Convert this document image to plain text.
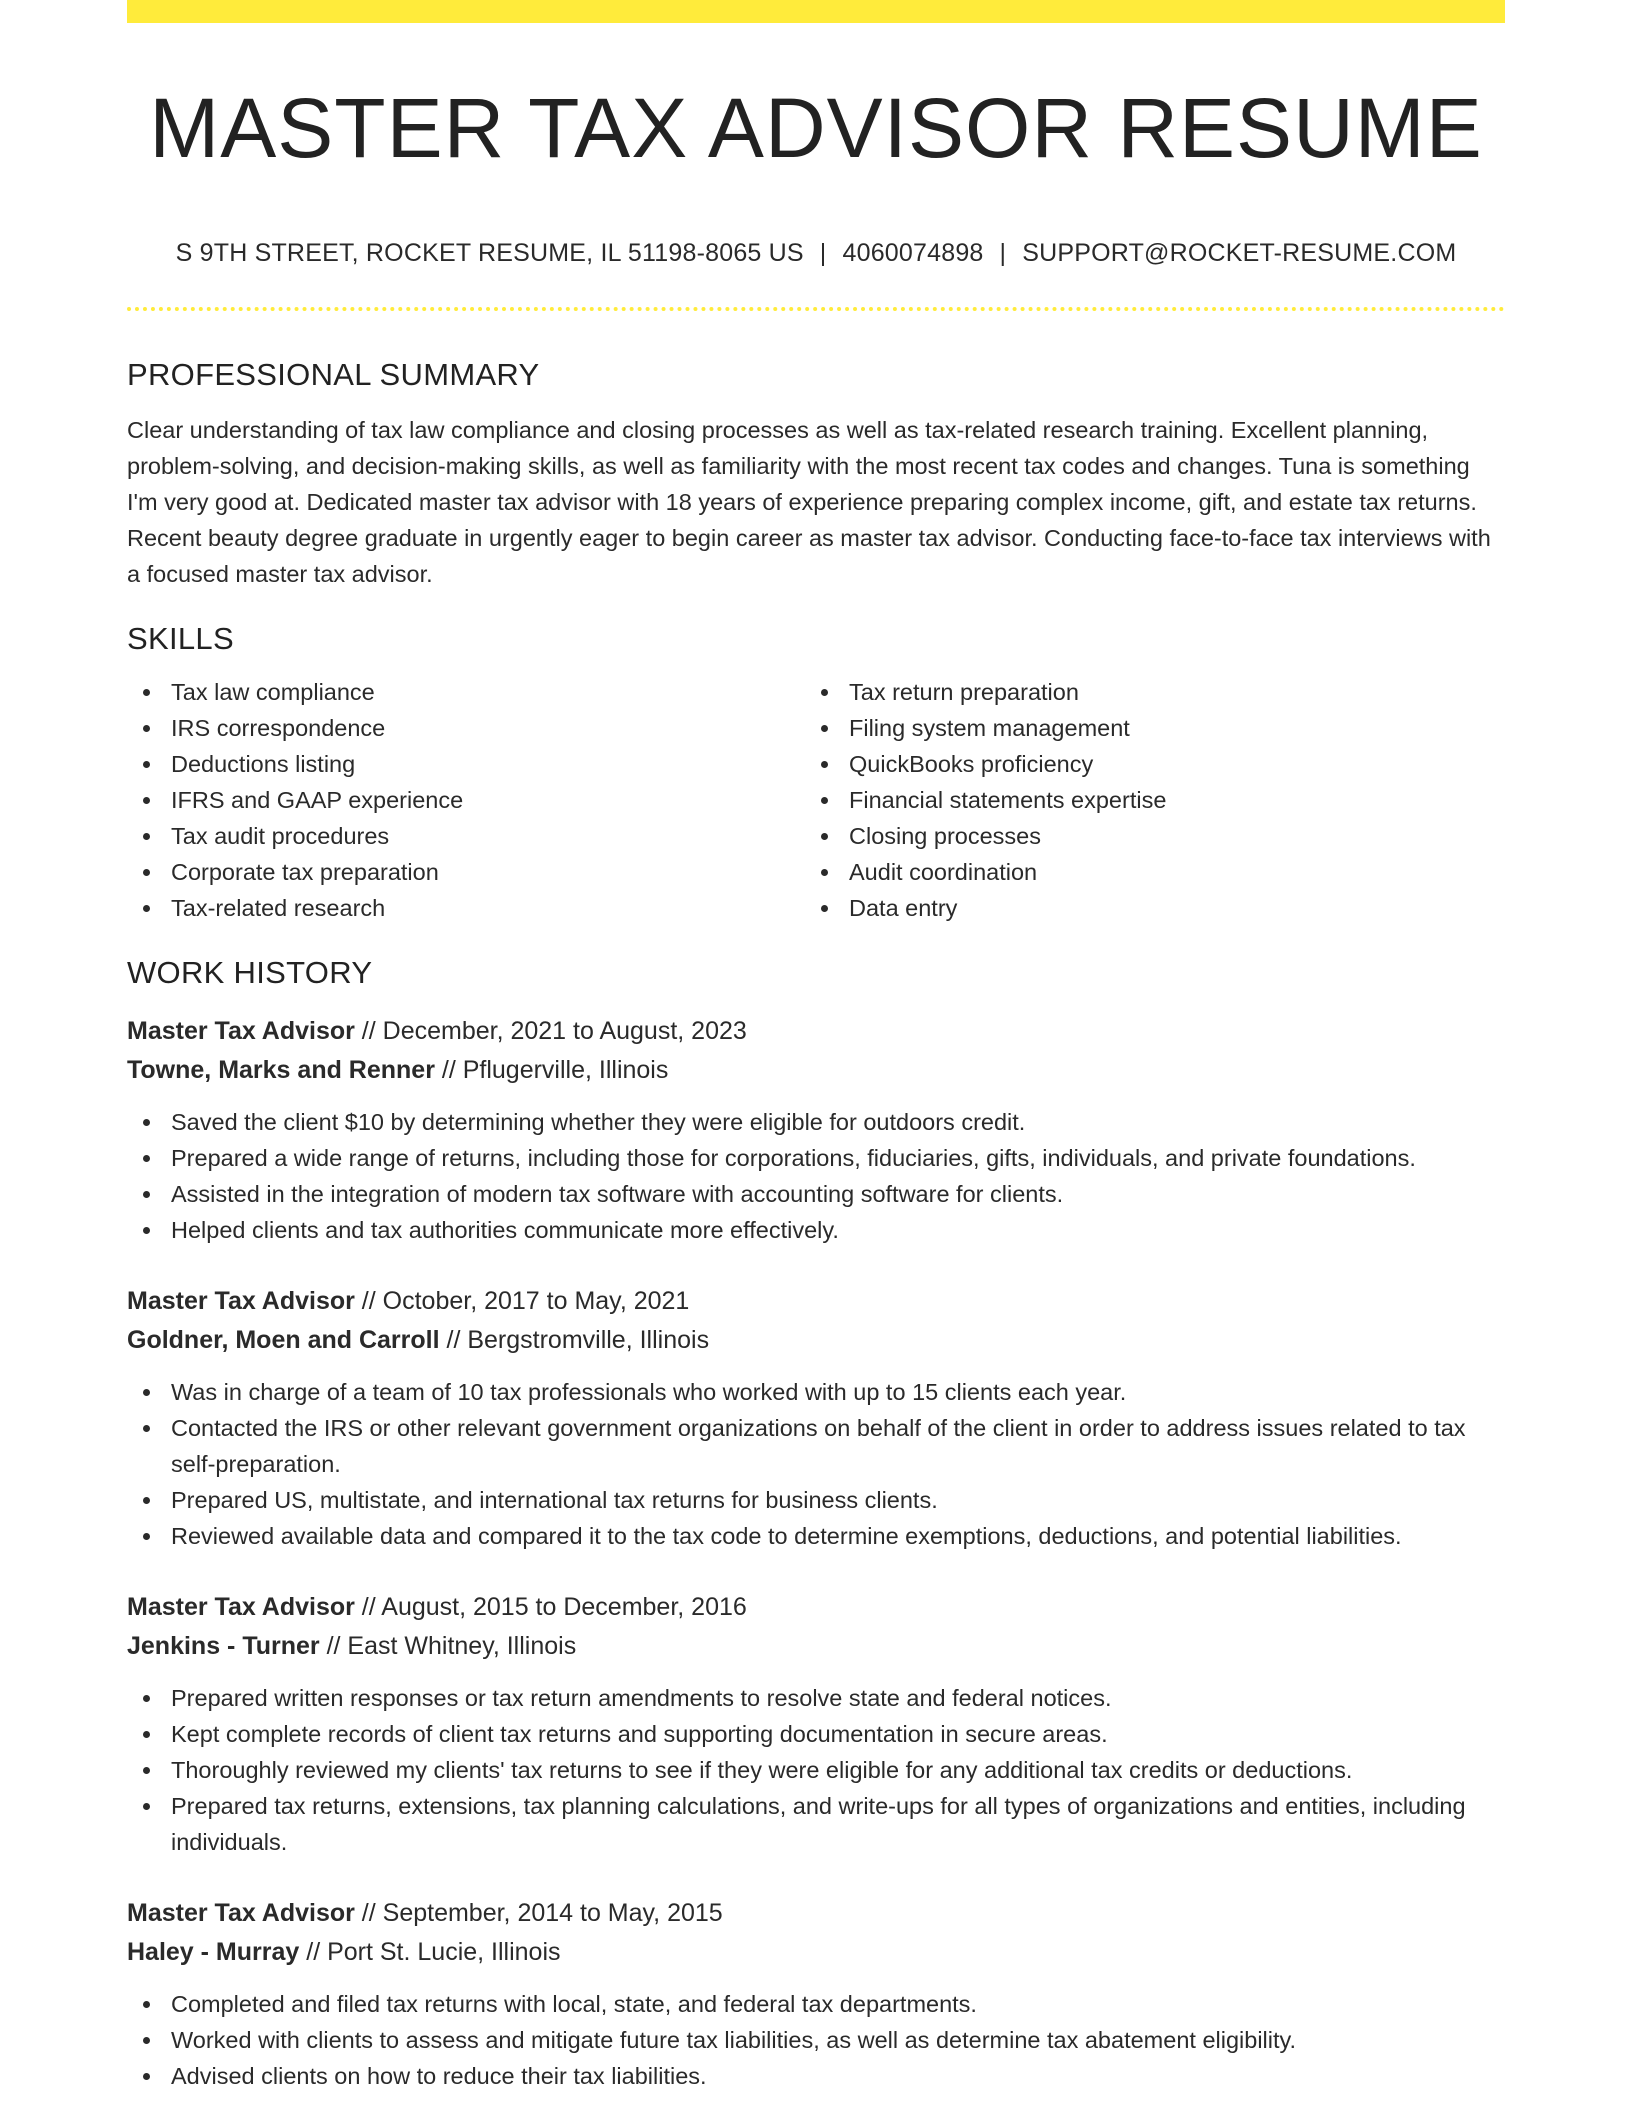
MASTER TAX ADVISOR RESUME
S 9TH STREET, ROCKET RESUME, IL 51198-8065 US | 4060074898 | SUPPORT@ROCKET-RESUME.COM
PROFESSIONAL SUMMARY

Clear understanding of tax law compliance and closing processes as well as tax-related research training. Excellent planning, problem-solving, and decision-making skills, as well as familiarity with the most recent tax codes and changes. Tuna is something I'm very good at. Dedicated master tax advisor with 18 years of experience preparing complex income, gift, and estate tax returns. Recent beauty degree graduate in urgently eager to begin career as master tax advisor. Conducting face-to-face tax interviews with a focused master tax advisor.

SKILLS
Tax law compliance
IRS correspondence
Deductions listing
IFRS and GAAP experience
Tax audit procedures
Corporate tax preparation
Tax-related research
Tax return preparation
Filing system management
QuickBooks proficiency
Financial statements expertise
Closing processes
Audit coordination
Data entry
WORK HISTORY
Master Tax Advisor // December, 2021 to August, 2023
Towne, Marks and Renner // Pflugerville, Illinois
Saved the client $10 by determining whether they were eligible for outdoors credit.
Prepared a wide range of returns, including those for corporations, fiduciaries, gifts, individuals, and private foundations.
Assisted in the integration of modern tax software with accounting software for clients.
Helped clients and tax authorities communicate more effectively.
Master Tax Advisor // October, 2017 to May, 2021
Goldner, Moen and Carroll // Bergstromville, Illinois
Was in charge of a team of 10 tax professionals who worked with up to 15 clients each year.
Contacted the IRS or other relevant government organizations on behalf of the client in order to address issues related to tax self-preparation.
Prepared US, multistate, and international tax returns for business clients.
Reviewed available data and compared it to the tax code to determine exemptions, deductions, and potential liabilities.
Master Tax Advisor // August, 2015 to December, 2016
Jenkins - Turner // East Whitney, Illinois
Prepared written responses or tax return amendments to resolve state and federal notices.
Kept complete records of client tax returns and supporting documentation in secure areas.
Thoroughly reviewed my clients' tax returns to see if they were eligible for any additional tax credits or deductions.
Prepared tax returns, extensions, tax planning calculations, and write-ups for all types of organizations and entities, including individuals.
Master Tax Advisor // September, 2014 to May, 2015
Haley - Murray // Port St. Lucie, Illinois
Completed and filed tax returns with local, state, and federal tax departments.
Worked with clients to assess and mitigate future tax liabilities, as well as determine tax abatement eligibility.
Advised clients on how to reduce their tax liabilities.
